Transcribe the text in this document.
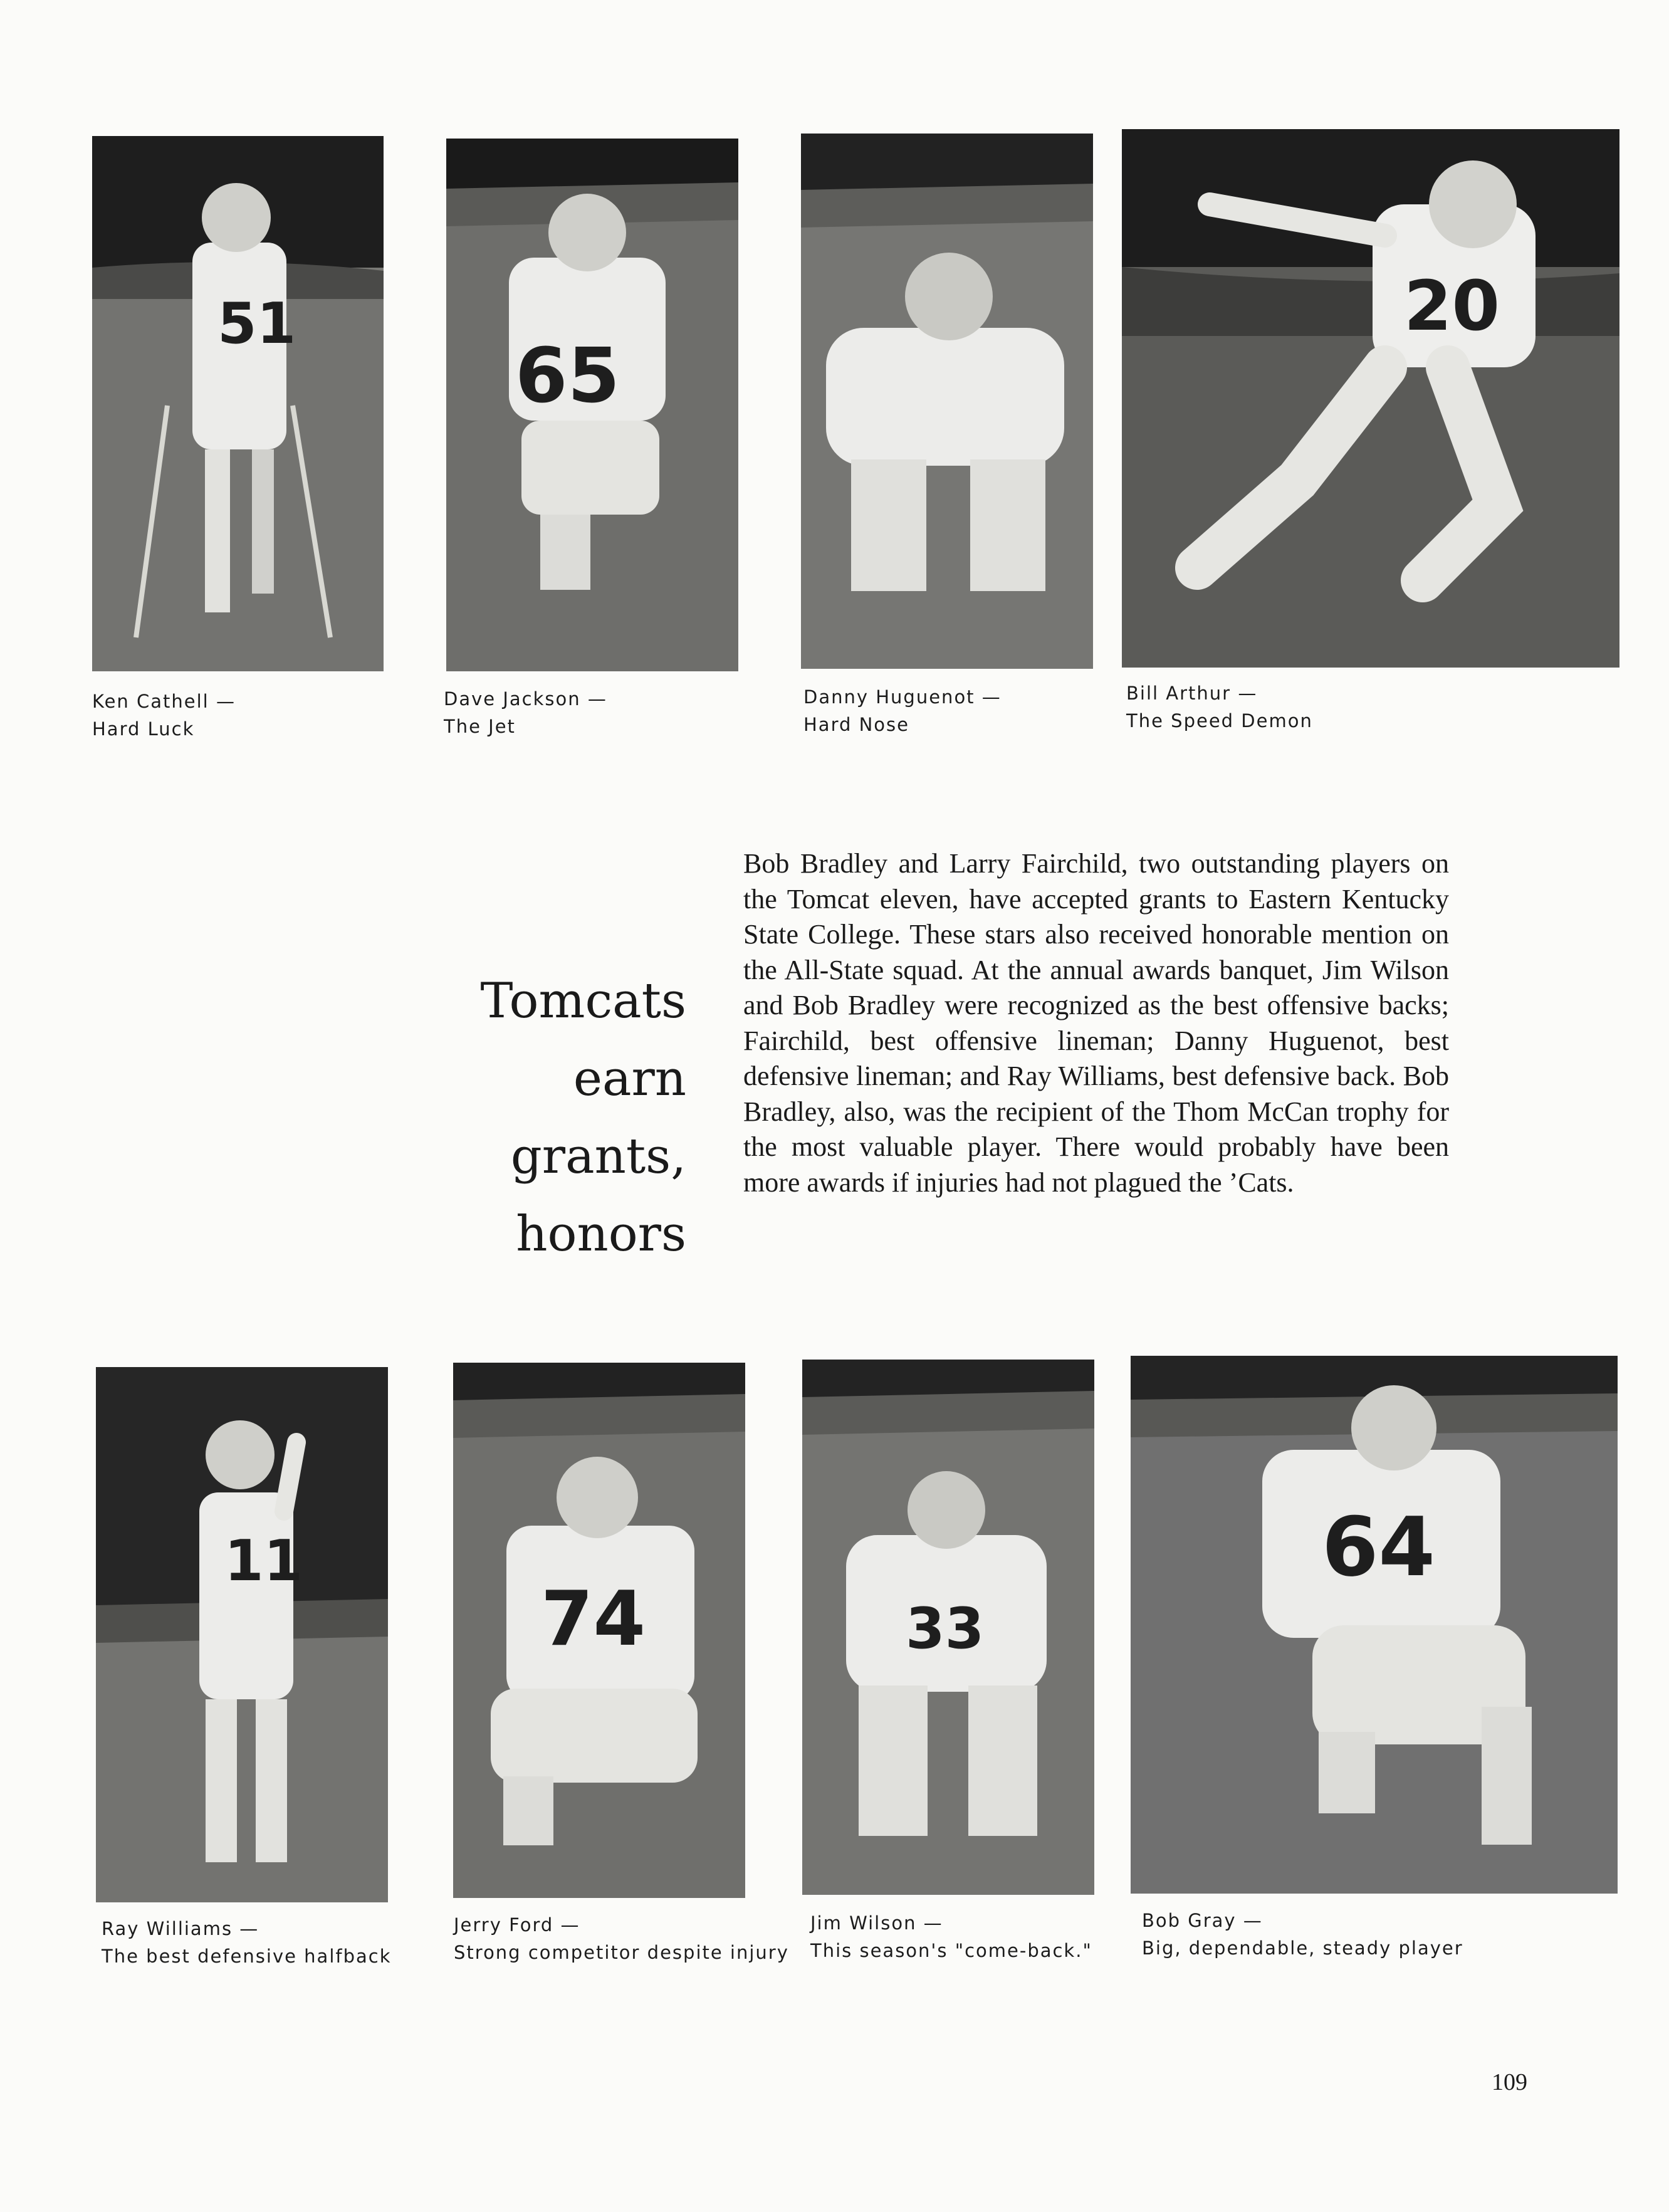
51
65
20
Ken Cathell —
Hard Luck
Dave Jackson —
The Jet
Danny Huguenot —
Hard Nose
Bill Arthur —
The Speed Demon
Tomcats earn
grants, honors

Bob Bradley and Larry Fairchild, two outstanding players on the Tomcat eleven, have accepted grants to Eastern Kentucky State College. These stars also received honorable mention on the All-State squad. At the annual awards banquet, Jim Wilson and Bob Bradley were recognized as the best offensive backs; Fairchild, best offensive lineman; Danny Huguenot, best defensive lineman; and Ray Williams, best defensive back. Bob Bradley, also, was the recipient of the Thom McCan trophy for the most valuable player. There would probably have been more awards if injuries had not plagued the ’Cats.

11
74	33
64
Ray Williams —
The best defensive halfback
Jerry Ford —
Strong competitor despite injury
Jim Wilson —
This season's "come-back."
Bob Gray —
Big, dependable, steady player
109
